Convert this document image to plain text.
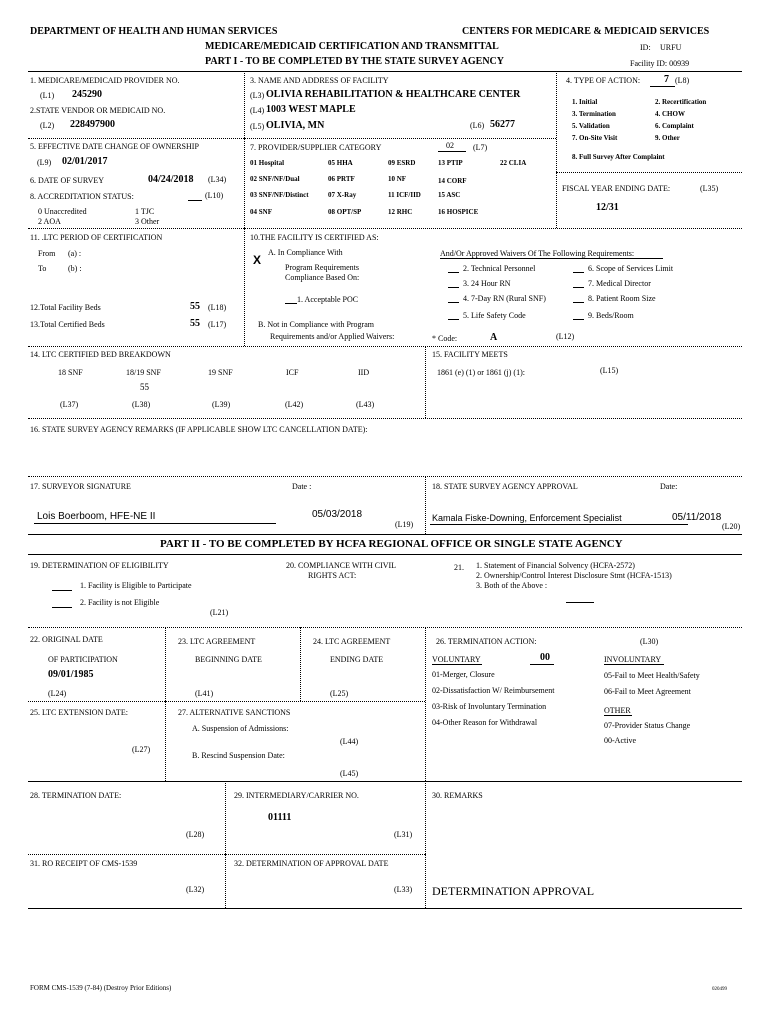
DEPARTMENT OF HEALTH AND HUMAN SERVICES	CENTERS FOR MEDICARE & MEDICAID SERVICES
MEDICARE/MEDICAID CERTIFICATION AND TRANSMITTAL	ID: URFU
PART I - TO BE COMPLETED BY THE STATE SURVEY AGENCY	Facility ID: 00939
1. MEDICARE/MEDICAID PROVIDER NO.
(L1) 245290
2.STATE VENDOR OR MEDICAID NO.
(L2) 228497900
3. NAME AND ADDRESS OF FACILITY
(L3) OLIVIA REHABILITATION & HEALTHCARE CENTER
(L4) 1003 WEST MAPLE
(L5) OLIVIA, MN	(L6) 56277
4. TYPE OF ACTION: 7 (L8)
1. Initial	2. Recertification
3. Termination	4. CHOW
5. Validation	6. Complaint
7. On-Site Visit	9. Other
8. Full Survey After Complaint
5. EFFECTIVE DATE CHANGE OF OWNERSHIP
(L9) 02/01/2017
6. DATE OF SURVEY	04/24/2018 (L34)
8. ACCREDITATION STATUS:	(L10)
0 Unaccredited	1 TJC
2 AOA	3 Other
7. PROVIDER/SUPPLIER CATEGORY	02 (L7)
01 Hospital	05 HHA	09 ESRD	13 PTIP	22 CLIA
02 SNF/NF/Dual	06 PRTF	10 NF	14 CORF
03 SNF/NF/Distinct	07 X-Ray	11 ICF/IID 15 ASC
04 SNF	08 OPT/SP	12 RHC	16 HOSPICE
FISCAL YEAR ENDING DATE:	(L35)
12/31
11. .LTC PERIOD OF CERTIFICATION
From (a) :
To	(b) :
12.Total Facility Beds	55 (L18)
13.Total Certified Beds	55 (L17)
10.THE FACILITY IS CERTIFIED AS:
A. In Compliance With
X
Program Requirements
Compliance Based On:
1. Acceptable POC
B. Not in Compliance with Program
Requirements and/or Applied Waivers:
And/Or Approved Waivers Of The Following Requirements:
2. Technical Personnel
3. 24 Hour RN
4. 7-Day RN (Rural SNF)
5. Life Safety Code
6. Scope of Services Limit
7. Medical Director
8. Patient Room Size
9. Beds/Room
* Code:	A	(L12)
14. LTC CERTIFIED BED BREAKDOWN
18 SNF	18/19 SNF	19 SNF	ICF	IID
55
(L37)	(L38)	(L39)	(L42)	(L43)
15. FACILITY MEETS
1861 (e) (1) or 1861 (j) (1):	(L15)
16. STATE SURVEY AGENCY REMARKS (IF APPLICABLE SHOW LTC CANCELLATION DATE):
17. SURVEYOR SIGNATURE	Date :
Lois Boerboom, HFE-NE II	05/03/2018
(L19)
18. STATE SURVEY AGENCY APPROVAL	Date:
Kamala Fiske-Downing, Enforcement Specialist	05/11/2018
(L20)
PART II - TO BE COMPLETED BY HCFA REGIONAL OFFICE OR SINGLE STATE AGENCY
19. DETERMINATION OF ELIGIBILITY
1. Facility is Eligible to Participate
2. Facility is not Eligible
(L21)
20. COMPLIANCE WITH CIVIL
RIGHTS ACT:
21. 1. Statement of Financial Solvency (HCFA-2572)
2. Ownership/Control Interest Disclosure Stmt (HCFA-1513)
3. Both of the Above :
22. ORIGINAL DATE
OF PARTICIPATION
09/01/1985
(L24)
23. LTC AGREEMENT
BEGINNING DATE
(L41)
24. LTC AGREEMENT
ENDING DATE
(L25)
25. LTC EXTENSION DATE:
(L27)
27. ALTERNATIVE SANCTIONS
A. Suspension of Admissions:
(L44)
B. Rescind Suspension Date:
(L45)
26. TERMINATION ACTION:	(L30)
VOLUNTARY	00	INVOLUNTARY
01-Merger, Closure
02-Dissatisfaction W/ Reimbursement
03-Risk of Involuntary Termination
04-Other Reason for Withdrawal
05-Fail to Meet Health/Safety
06-Fail to Meet Agreement
OTHER
07-Provider Status Change
00-Active
28. TERMINATION DATE:
(L28)
29. INTERMEDIARY/CARRIER NO.
01111
(L31)
30. REMARKS
31. RO RECEIPT OF CMS-1539
(L32)
32. DETERMINATION OF APPROVAL DATE
(L33) DETERMINATION APPROVAL
FORM CMS-1539 (7-84) (Destroy Prior Editions)	020499
